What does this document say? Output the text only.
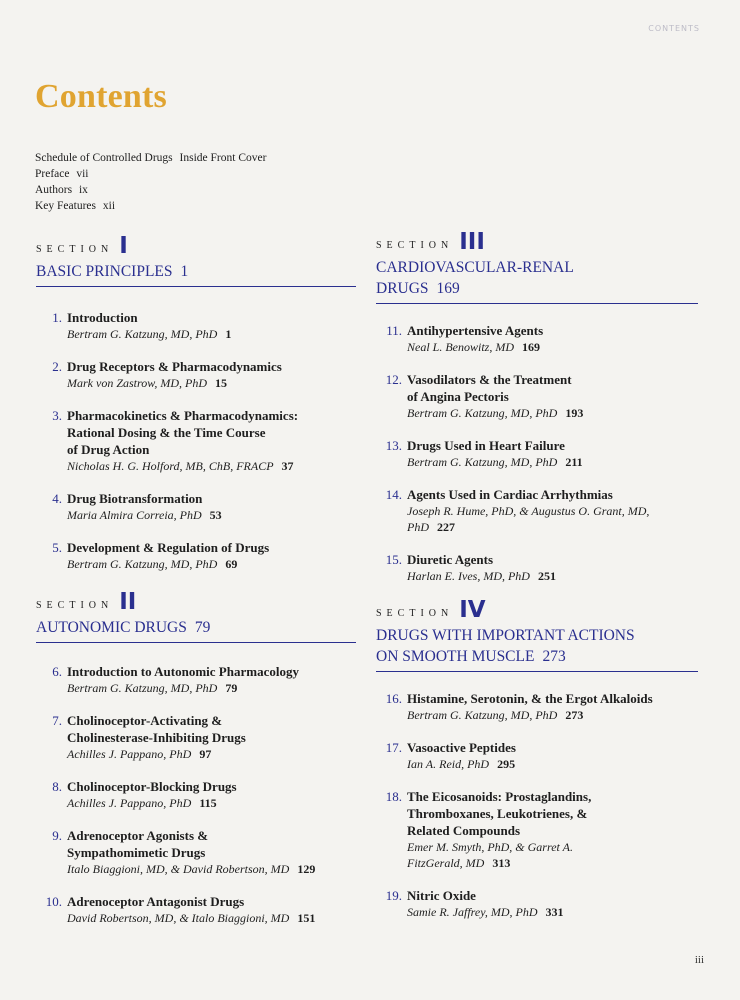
CONTENTS
Contents
Schedule of Controlled Drugs Inside Front Cover
Preface vii
Authors ix
Key Features xii
SECTION I
BASIC PRINCIPLES 1
1. Introduction
Bertram G. Katzung, MD, PhD 1
2. Drug Receptors & Pharmacodynamics
Mark von Zastrow, MD, PhD 15
3. Pharmacokinetics & Pharmacodynamics:
Rational Dosing & the Time Course
of Drug Action
Nicholas H. G. Holford, MB, ChB, FRACP 37
4. Drug Biotransformation
Maria Almira Correia, PhD 53
5. Development & Regulation of Drugs
Bertram G. Katzung, MD, PhD 69
SECTION II
AUTONOMIC DRUGS 79
6. Introduction to Autonomic Pharmacology
Bertram G. Katzung, MD, PhD 79
7. Cholinoceptor-Activating &
Cholinesterase-Inhibiting Drugs
Achilles J. Pappano, PhD 97
8. Cholinoceptor-Blocking Drugs
Achilles J. Pappano, PhD 115
9. Adrenoceptor Agonists &
Sympathomimetic Drugs
Italo Biaggioni, MD, & David Robertson, MD 129
10. Adrenoceptor Antagonist Drugs
David Robertson, MD, & Italo Biaggioni, MD 151
SECTION III
CARDIOVASCULAR-RENAL
DRUGS 169
11. Antihypertensive Agents
Neal L. Benowitz, MD 169
12. Vasodilators & the Treatment
of Angina Pectoris
Bertram G. Katzung, MD, PhD 193
13. Drugs Used in Heart Failure
Bertram G. Katzung, MD, PhD 211
14. Agents Used in Cardiac Arrhythmias
Joseph R. Hume, PhD, & Augustus O. Grant, MD,
PhD 227
15. Diuretic Agents
Harlan E. Ives, MD, PhD 251
SECTION IV
DRUGS WITH IMPORTANT ACTIONS
ON SMOOTH MUSCLE 273
16. Histamine, Serotonin, & the Ergot Alkaloids
Bertram G. Katzung, MD, PhD 273
17. Vasoactive Peptides
Ian A. Reid, PhD 295
18. The Eicosanoids: Prostaglandins,
Thromboxanes, Leukotrienes, &
Related Compounds
Emer M. Smyth, PhD, & Garret A.
FitzGerald, MD 313
19. Nitric Oxide
Samie R. Jaffrey, MD, PhD 331
iii
